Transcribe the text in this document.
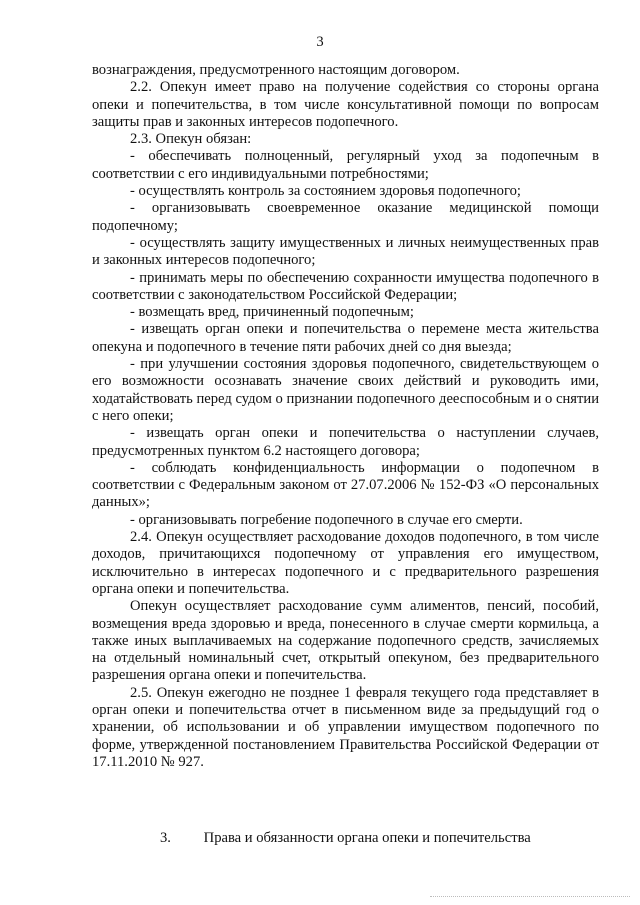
3

вознаграждения, предусмотренного настоящим договором.

2.2. Опекун имеет право на получение содействия со стороны органа опеки и попечительства, в том числе консультативной помощи по вопросам защиты прав и законных интересов подопечного.

2.3. Опекун обязан:

- обеспечивать полноценный, регулярный уход за подопечным в соответствии с его индивидуальными потребностями;

- осуществлять контроль за состоянием здоровья подопечного;

- организовывать своевременное оказание медицинской помощи подопечному;

- осуществлять защиту имущественных и личных неимущественных прав и законных интересов подопечного;

- принимать меры по обеспечению сохранности имущества подопечного в соответствии с законодательством Российской Федерации;

- возмещать вред, причиненный подопечным;

- извещать орган опеки и попечительства о перемене места жительства опекуна и подопечного в течение пяти рабочих дней со дня выезда;

- при улучшении состояния здоровья подопечного, свидетельствующем о его возможности осознавать значение своих действий и руководить ими, ходатайствовать перед судом о признании подопечного дееспособным и о снятии с него опеки;

- извещать орган опеки и попечительства о наступлении случаев, предусмотренных пунктом 6.2 настоящего договора;

- соблюдать конфиденциальность информации о подопечном в соответствии с Федеральным законом от 27.07.2006 № 152-ФЗ «О персональных данных»;

- организовывать погребение подопечного в случае его смерти.

2.4. Опекун осуществляет расходование доходов подопечного, в том числе доходов, причитающихся подопечному от управления его имуществом, исключительно в интересах подопечного и с предварительного разрешения органа опеки и попечительства.

Опекун осуществляет расходование сумм алиментов, пенсий, пособий, возмещения вреда здоровью и вреда, понесенного в случае смерти кормильца, а также иных выплачиваемых на содержание подопечного средств, зачисляемых на отдельный номинальный счет, открытый опекуном, без предварительного разрешения органа опеки и попечительства.

2.5. Опекун ежегодно не позднее 1 февраля текущего года представляет в орган опеки и попечительства отчет в письменном виде за предыдущий год о хранении, об использовании и об управлении имуществом подопечного по форме, утвержденной постановлением Правительства Российской Федерации от 17.11.2010 № 927.

3. Права и обязанности органа опеки и попечительства
